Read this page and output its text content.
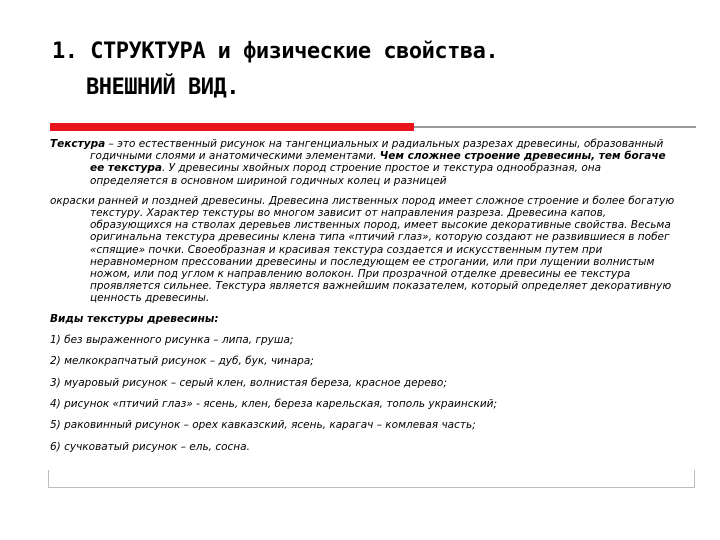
1. СТРУКТУРА и физические свойства.
ВНЕШНИЙ ВИД.

Текстура – это естественный рисунок на тангенциальных и радиальных разрезах древесины, образованный годичными слоями и анатомическими элементами. Чем сложнее строение древесины, тем богаче ее текстура. У древесины хвойных пород строение простое и текстура однообразная, она определяется в основном шириной годичных колец и разницей

окраски ранней и поздней древесины. Древесина лиственных пород имеет сложное строение и более богатую текстуру. Характер текстуры во многом зависит от направления разреза. Древесина капов, образующихся на стволах деревьев лиственных пород, имеет высокие декоративные свойства. Весьма оригинальна текстура древесины клена типа «птичий глаз», которую создают не развившиеся в побег «спящие» почки. Своеобразная и красивая текстура создается и искусственным путем при неравномерном прессовании древесины и последующем ее строгании, или при лущении волнистым ножом, или под углом к направлению волокон. При прозрачной отделке древесины ее текстура проявляется сильнее. Текстура является важнейшим показателем, который определяет декоративную ценность древесины.

Виды текстуры древесины:
1) без выраженного рисунка – липа, груша;
2) мелкокрапчатый рисунок – дуб, бук, чинара;
3) муаровый рисунок – серый клен, волнистая береза, красное дерево;
4) рисунок «птичий глаз» - ясень, клен, береза карельская, тополь украинский;
5) раковинный рисунок – орех кавказский, ясень, карагач – комлевая часть;
6) сучковатый рисунок – ель, сосна.
